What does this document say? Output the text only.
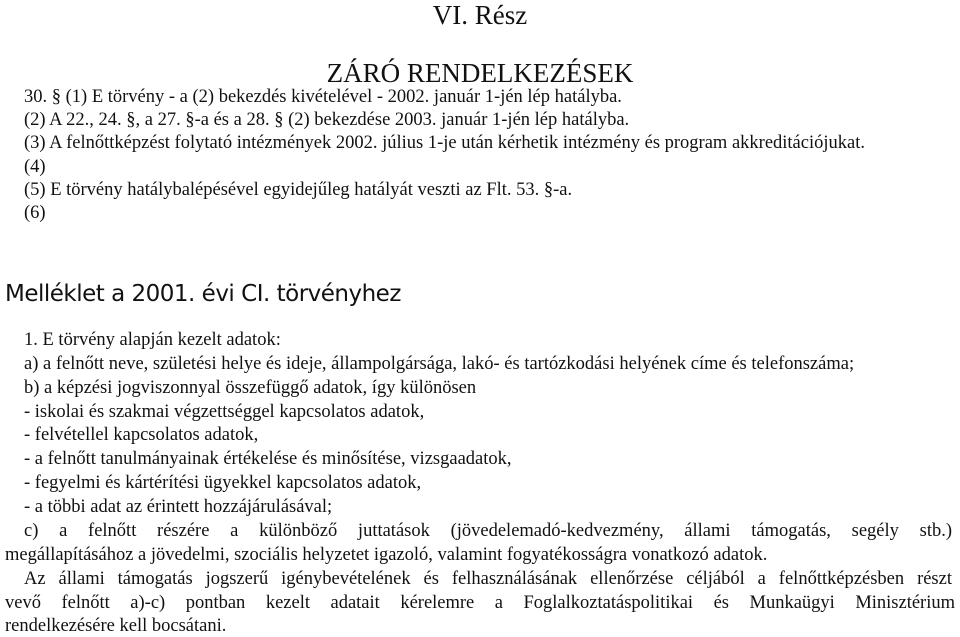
VI. Rész
ZÁRÓ RENDELKEZÉSEK
30. § (1) E törvény - a (2) bekezdés kivételével - 2002. január 1-jén lép hatályba.
(2) A 22., 24. §, a 27. §-a és a 28. § (2) bekezdése 2003. január 1-jén lép hatályba.
(3) A felnőttképzést folytató intézmények 2002. július 1-je után kérhetik intézmény és program akkreditációjukat.
(4)
(5) E törvény hatálybalépésével egyidejűleg hatályát veszti az Flt. 53. §-a.
(6)
Melléklet a 2001. évi CI. törvényhez
1. E törvény alapján kezelt adatok:
a) a felnőtt neve, születési helye és ideje, állampolgársága, lakó- és tartózkodási helyének címe és telefonszáma;
b) a képzési jogviszonnyal összefüggő adatok, így különösen
- iskolai és szakmai végzettséggel kapcsolatos adatok,
- felvétellel kapcsolatos adatok,
- a felnőtt tanulmányainak értékelése és minősítése, vizsgaadatok,
- fegyelmi és kártérítési ügyekkel kapcsolatos adatok,
- a többi adat az érintett hozzájárulásával;
c) a felnőtt részére a különböző juttatások (jövedelemadó-kedvezmény, állami támogatás, segély stb.)
megállapításához a jövedelmi, szociális helyzetet igazoló, valamint fogyatékosságra vonatkozó adatok.
Az állami támogatás jogszerű igénybevételének és felhasználásának ellenőrzése céljából a felnőttképzésben részt
vevő felnőtt a)-c) pontban kezelt adatait kérelemre a Foglalkoztatáspolitikai és Munkaügyi Minisztérium
rendelkezésére kell bocsátani.
